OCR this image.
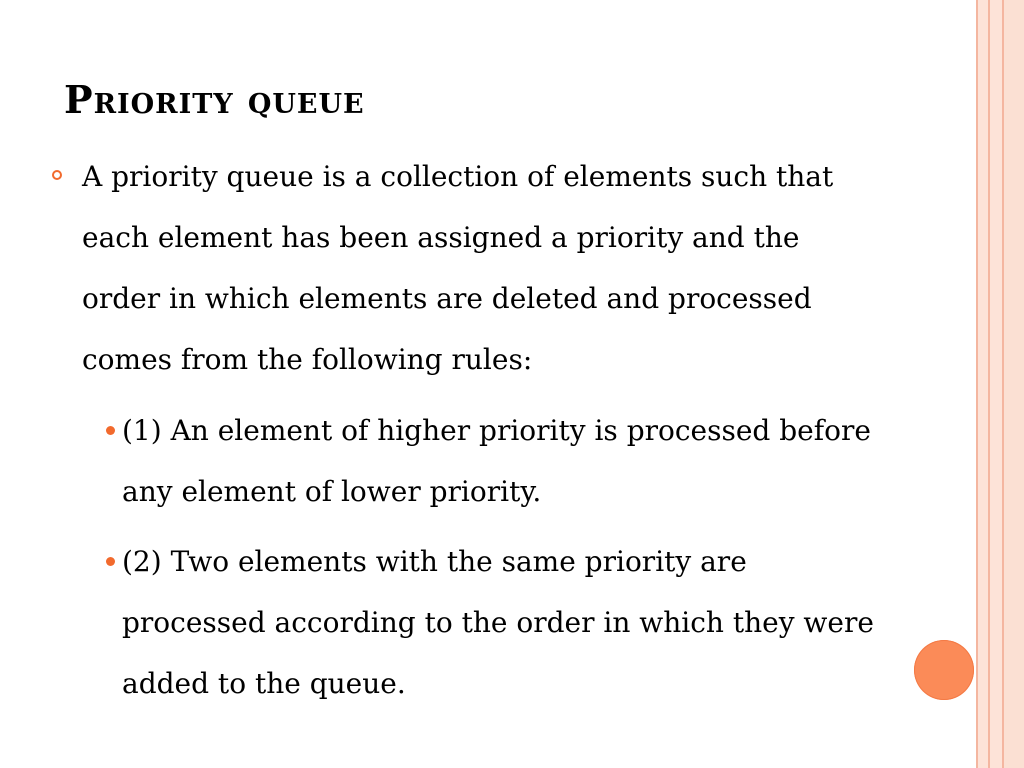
Priority queue
A priority queue is a collection of elements such that each element has been assigned a priority and the order in which elements are deleted and processed comes from the following rules:
(1) An element of higher priority is processed before any element of lower priority.
(2) Two elements with the same priority are processed according to the order in which they were added to the queue.
